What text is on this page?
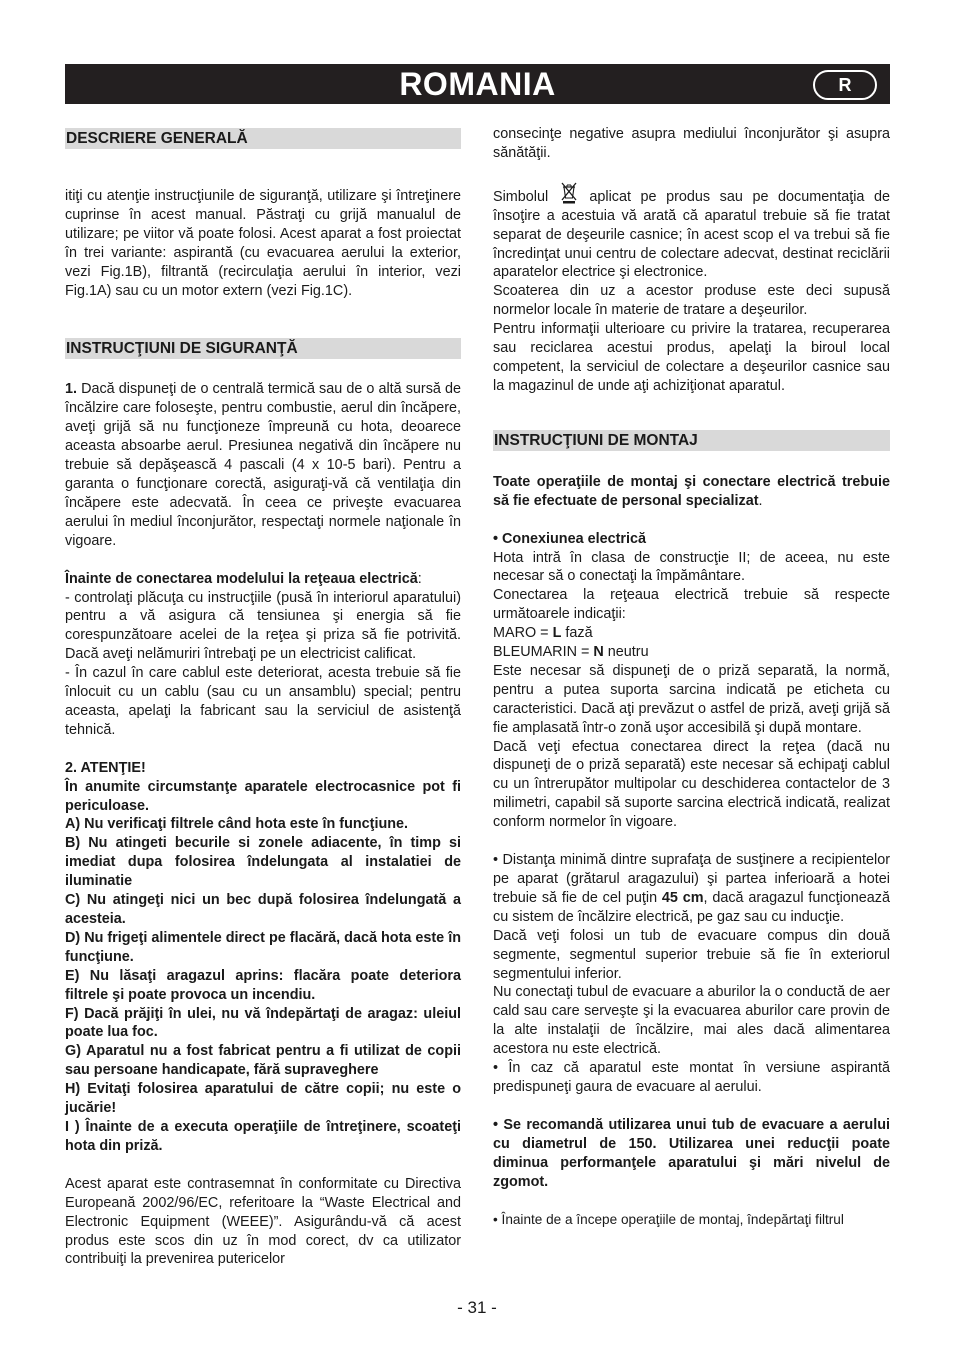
ROMANIA	R
DESCRIERE GENERALĂ

itiţi cu atenţie instrucţiunile de siguranţă, utilizare şi întreţinere cuprinse în acest manual. Păstraţi cu grijă manualul de utilizare; pe viitor vă poate folosi. Acest aparat a fost proiectat în trei variante: aspirantă (cu evacuarea aerului la exterior, vezi Fig.1B), filtrantă (recirculaţia aerului în interior, vezi Fig.1A) sau cu un motor extern (vezi Fig.1C).

INSTRUCŢIUNI DE SIGURANŢĂ

1. Dacă dispuneţi de o centrală termică sau de o altă sursă de încălzire care foloseşte, pentru combustie, aerul din încăpere, aveţi grijă să nu funcţioneze împreună cu hota, deoarece aceasta absoarbe aerul. Presiunea negativă din încăpere nu trebuie să depăşească 4 pascali (4 x 10-5 bari). Pentru a garanta o funcţionare corectă, asiguraţi-vă că ventilaţia din încăpere este adecvată. În ceea ce priveşte evacuarea aerului în mediul înconjurător, respectaţi normele naţionale în vigoare.

Înainte de conectarea modelului la reţeaua electrică:

- controlaţi plăcuţa cu instrucţiile (pusă în interiorul aparatului) pentru a vă asigura că tensiunea şi energia să fie corespunzătoare acelei de la reţea şi priza să fie potrivită. Dacă aveţi nelămuriri întrebaţi pe un electricist calificat.

- În cazul în care cablul este deteriorat, acesta trebuie să fie înlocuit cu un cablu (sau cu un ansamblu) special; pentru aceasta, apelaţi la fabricant sau la serviciul de asistenţă tehnică.

2. ATENŢIE!

În anumite circumstanţe aparatele electrocasnice pot fi periculoase.

A) Nu verificaţi filtrele când hota este în funcţiune.

B) Nu atingeti becurile si zonele adiacente, în timp si imediat dupa folosirea îndelungata al instalatiei de iluminatie

C) Nu atingeţi nici un bec după folosirea îndelungată a acesteia.

D) Nu frigeţi alimentele direct pe flacără, dacă hota este în funcţiune.

E) Nu lăsaţi aragazul aprins: flacăra poate deteriora filtrele şi poate provoca un incendiu.

F) Dacă prăjiţi în ulei, nu vă îndepărtaţi de aragaz: uleiul poate lua foc.

G) Aparatul nu a fost fabricat pentru a fi utilizat de copii sau persoane handicapate, fără supraveghere

H) Evitaţi folosirea aparatului de către copii; nu este o jucărie!

I ) Înainte de a executa operaţiile de întreţinere, scoateţi hota din priză.

Acest aparat este contrasemnat în conformitate cu Directiva Europeană 2002/96/EC, referitoare la “Waste Electrical and Electronic Equipment (WEEE)”. Asigurându-vă că acest produs este scos din uz în mod corect, dv ca utilizator contribuiţi la prevenirea putericelor

consecinţe negative asupra mediului înconjurător şi asupra sănătăţii.

Simbolul	aplicat pe produs sau pe documentaţia de însoţire a acestuia vă arată că aparatul trebuie să fie tratat separat de deşeurile casnice; în acest scop el va trebui să fie încredinţat unui centru de colectare adecvat, destinat reciclării aparatelor electrice şi electronice.

Scoaterea din uz a acestor produse este deci supusă normelor locale în materie de tratare a deşeurilor.

Pentru informaţii ulterioare cu privire la tratarea, recuperarea sau reciclarea acestui produs, apelaţi la biroul local competent, la serviciul de colectare a deşeurilor casnice sau la magazinul de unde aţi achiziţionat aparatul.

INSTRUCŢIUNI DE MONTAJ

Toate operaţiile de montaj şi conectare electrică trebuie să fie efectuate de personal specializat.

• Conexiunea electrică

Hota intră în clasa de construcţie II; de aceea, nu este necesar să o conectaţi la împământare.

Conectarea la reţeaua electrică trebuie să respecte următoarele indicaţii:

MARO = L fază

BLEUMARIN = N neutru

Este necesar să dispuneţi de o priză separată, la normă, pentru a putea suporta sarcina indicată pe eticheta cu caracteristici. Dacă aţi prevăzut o astfel de priză, aveţi grijă să fie amplasată într-o zonă uşor accesibilă şi după montare.

Dacă veţi efectua conectarea direct la reţea (dacă nu dispuneţi de o priză separată) este necesar să echipaţi cablul cu un întrerupător multipolar cu deschiderea contactelor de 3 milimetri, capabil să suporte sarcina electrică indicată, realizat conform normelor în vigoare.

• Distanţa minimă dintre suprafaţa de susţinere a recipientelor pe aparat (grătarul aragazului) şi partea inferioară a hotei trebuie să fie de cel puţin 45 cm, dacă aragazul funcţionează cu sistem de încălzire electrică, pe gaz sau cu inducţie.

Dacă veţi folosi un tub de evacuare compus din două segmente, segmentul superior trebuie să fie în exteriorul segmentului inferior.

Nu conectaţi tubul de evacuare a aburilor la o conductă de aer cald sau care serveşte şi la evacuarea aburilor care provin de la alte instalaţii de încălzire, mai ales dacă alimentarea acestora nu este electrică.

• În caz că aparatul este montat în versiune aspirantă predispuneţi gaura de evacuare al aerului.

• Se recomandă utilizarea unui tub de evacuare a aerului cu diametrul de 150. Utilizarea unei reducţii poate diminua performanţele aparatului şi mări nivelul de zgomot.

• Înainte de a începe operaţiile de montaj, îndepărtaţi filtrul

- 31 -
